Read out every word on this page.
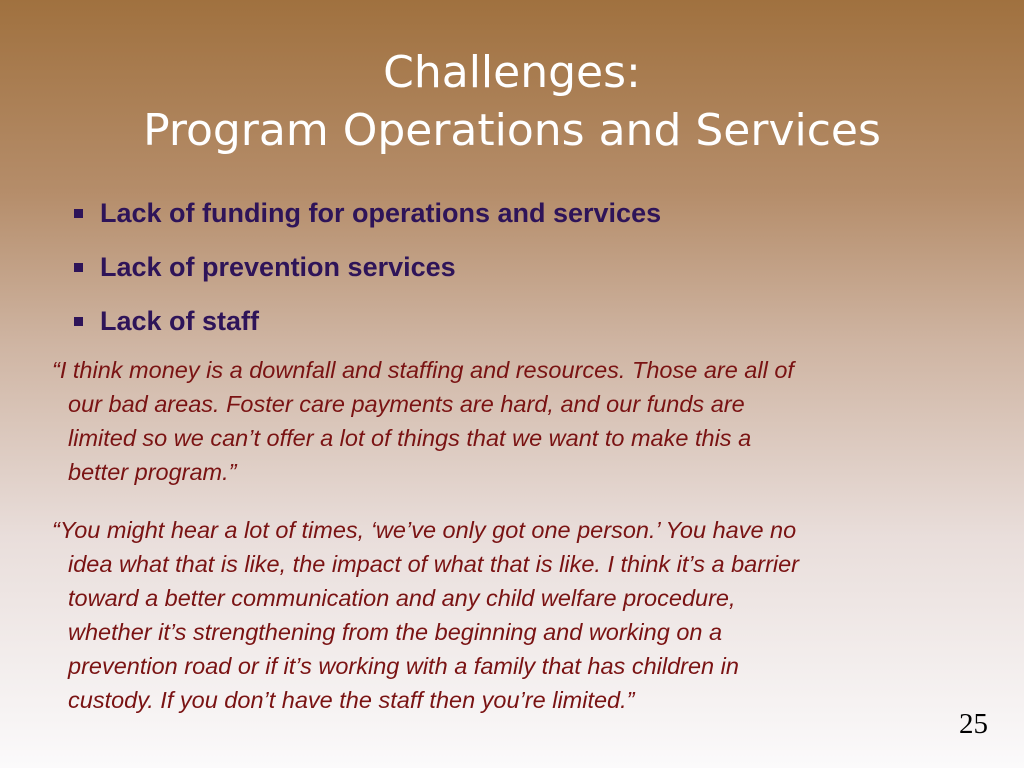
Challenges:
Program Operations and Services
Lack of funding for operations and services
Lack of prevention services
Lack of staff
“I think money is a downfall and staffing and resources. Those are all of
our bad areas. Foster care payments are hard, and our funds are
limited so we can’t offer a lot of things that we want to make this a
better program.”
“You might hear a lot of times, ‘we’ve only got one person.’ You have no
idea what that is like, the impact of what that is like. I think it’s a barrier
toward a better communication and any child welfare procedure,
whether it’s strengthening from the beginning and working on a
prevention road or if it’s working with a family that has children in
custody. If you don’t have the staff then you’re limited.”
25
